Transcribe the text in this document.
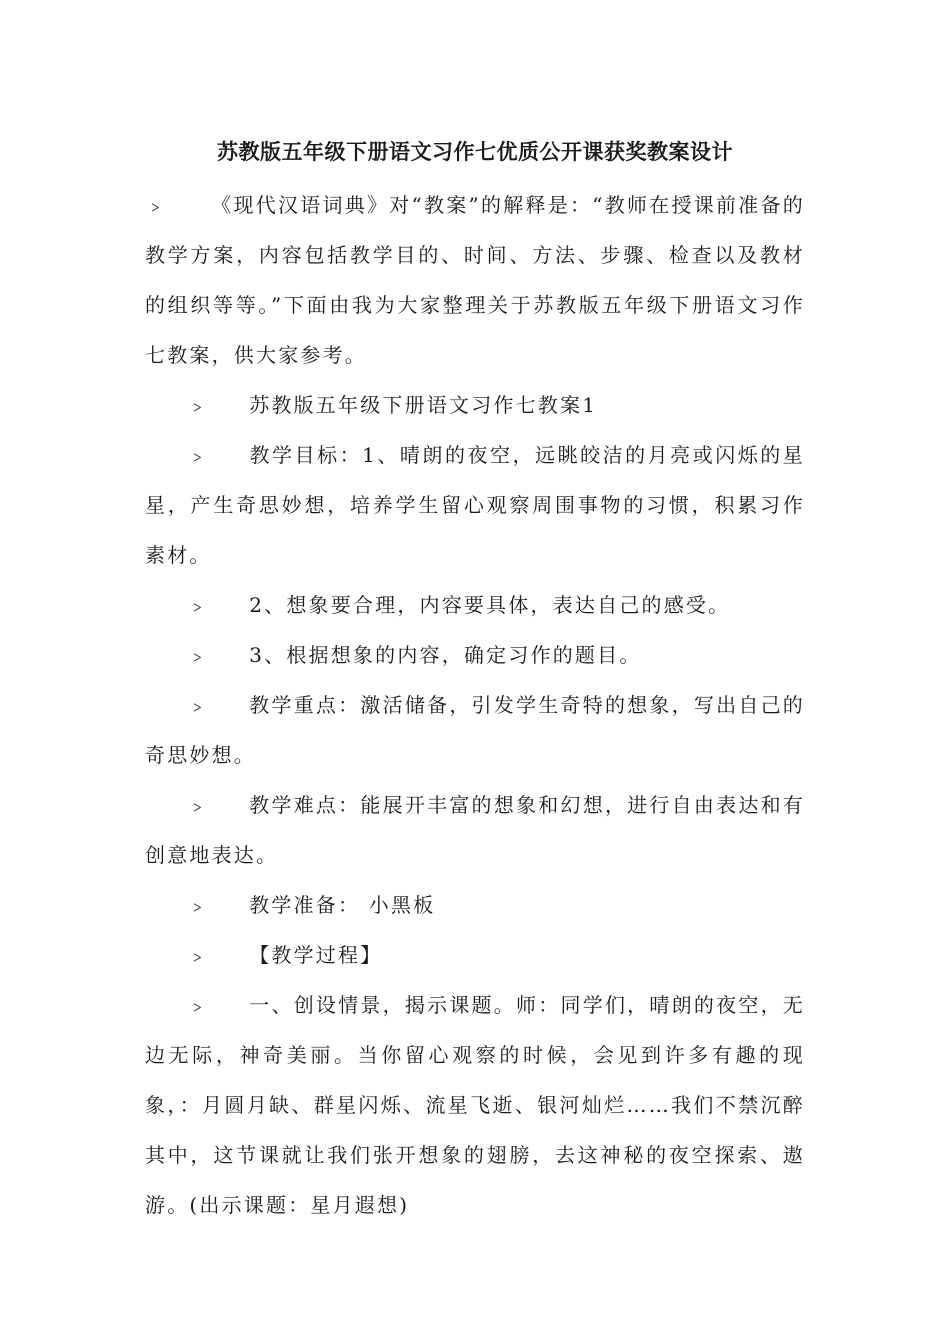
苏教版五年级下册语文习作七优质公开课获奖教案设计

﹥ 《现代汉语词典》对“教案”的解释是：“教师在授课前准备的教学方案，内容包括教学目的、时间、方法、步骤、检查以及教材的组织等等。”下面由我为大家整理关于苏教版五年级下册语文习作七教案，供大家参考。

﹥ 苏教版五年级下册语文习作七教案1

﹥ 教学目标：1、晴朗的夜空，远眺皎洁的月亮或闪烁的星星，产生奇思妙想，培养学生留心观察周围事物的习惯，积累习作素材。

﹥ 2、想象要合理，内容要具体，表达自己的感受。

﹥ 3、根据想象的内容，确定习作的题目。

﹥ 教学重点：激活储备，引发学生奇特的想象，写出自己的奇思妙想。

﹥ 教学难点：能展开丰富的想象和幻想，进行自由表达和有创意地表达。

﹥ 教学准备： 小黑板

﹥ 【教学过程】

﹥ 一、创设情景，揭示课题。师：同学们，晴朗的夜空，无边无际，神奇美丽。当你留心观察的时候，会见到许多有趣的现象，：月圆月缺、群星闪烁、流星飞逝、银河灿烂……我们不禁沉醉其中，这节课就让我们张开想象的翅膀，去这神秘的夜空探索、遨游。(出示课题：星月遐想)
